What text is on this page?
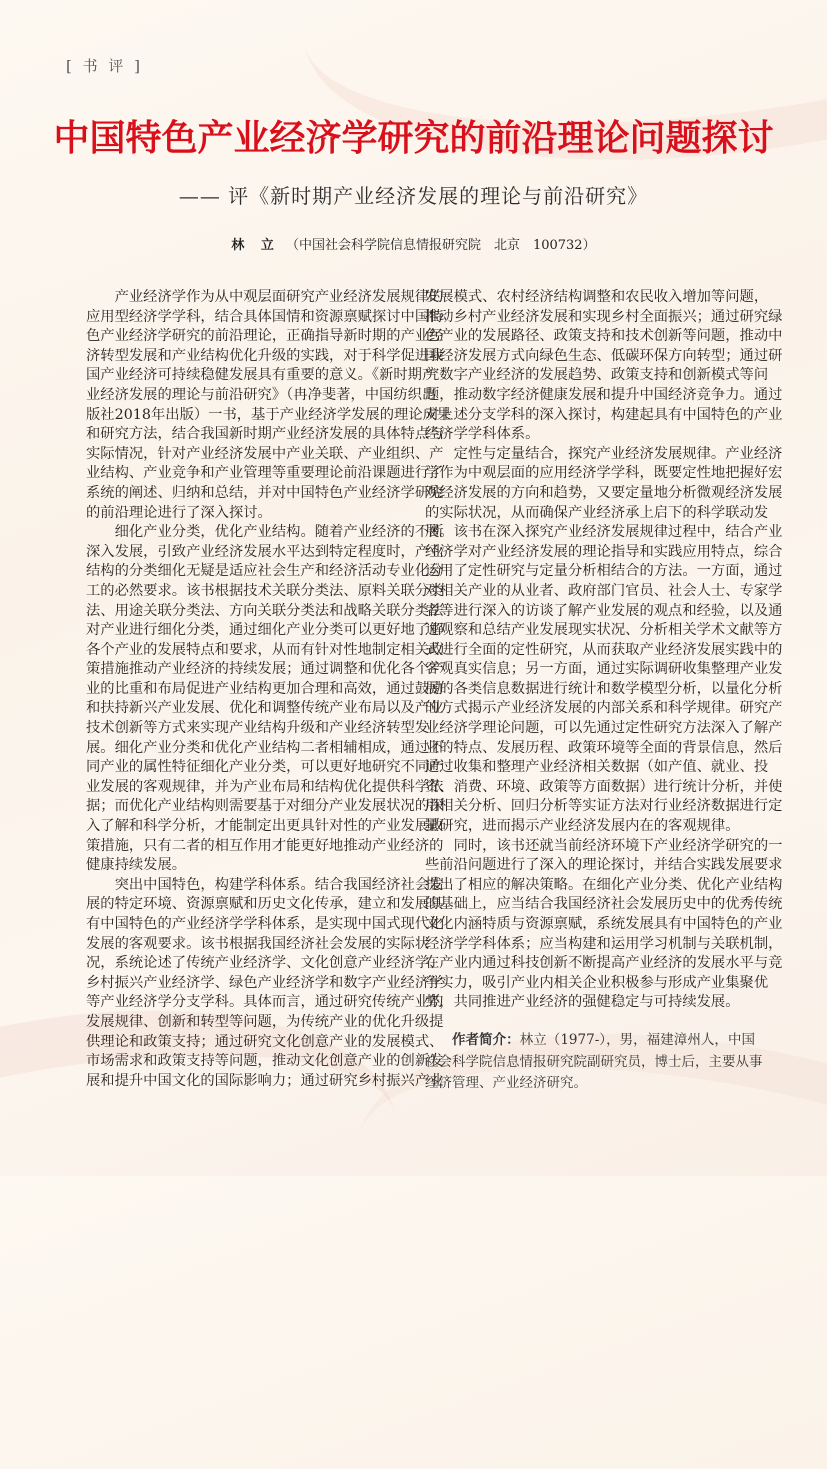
[ 书 评 ]
中国特色产业经济学研究的前沿理论问题探讨
—— 评《新时期产业经济发展的理论与前沿研究》
林 立 （中国社会科学院信息情报研究院　北京　100732）
产业经济学作为从中观层面研究产业经济发展规律的
应用型经济学学科，结合具体国情和资源禀赋探讨中国特
色产业经济学研究的前沿理论，正确指导新时期的产业经
济转型发展和产业结构优化升级的实践，对于科学促进我
国产业经济可持续稳健发展具有重要的意义。《新时期产
业经济发展的理论与前沿研究》（冉净斐著，中国纺织出
版社2018年出版）一书，基于产业经济学发展的理论成果
和研究方法，结合我国新时期产业经济发展的具体特点与
实际情况，针对产业经济发展中产业关联、产业组织、产
业结构、产业竞争和产业管理等重要理论前沿课题进行了
系统的阐述、归纳和总结，并对中国特色产业经济学研究
的前沿理论进行了深入探讨。
细化产业分类，优化产业结构。随着产业经济的不断
深入发展，引致产业经济发展水平达到特定程度时，产业
结构的分类细化无疑是适应社会生产和经济活动专业化分
工的必然要求。该书根据技术关联分类法、原料关联分类
法、用途关联分类法、方向关联分类法和战略关联分类法
对产业进行细化分类，通过细化产业分类可以更好地了解
各个产业的发展特点和要求，从而有针对性地制定相关政
策措施推动产业经济的持续发展；通过调整和优化各个产
业的比重和布局促进产业结构更加合理和高效，通过鼓励
和扶持新兴产业发展、优化和调整传统产业布局以及产业
技术创新等方式来实现产业结构升级和产业经济转型发
展。细化产业分类和优化产业结构二者相辅相成，通过不
同产业的属性特征细化产业分类，可以更好地研究不同产
业发展的客观规律，并为产业布局和结构优化提供科学依
据；而优化产业结构则需要基于对细分产业发展状况的深
入了解和科学分析，才能制定出更具针对性的产业发展政
策措施，只有二者的相互作用才能更好地推动产业经济的
健康持续发展。
突出中国特色，构建学科体系。结合我国经济社会发
展的特定环境、资源禀赋和历史文化传承，建立和发展具
有中国特色的产业经济学学科体系，是实现中国式现代化
发展的客观要求。该书根据我国经济社会发展的实际状
况，系统论述了传统产业经济学、文化创意产业经济学、
乡村振兴产业经济学、绿色产业经济学和数字产业经济学
等产业经济学分支学科。具体而言，通过研究传统产业的
发展规律、创新和转型等问题，为传统产业的优化升级提
供理论和政策支持；通过研究文化创意产业的发展模式、
市场需求和政策支持等问题，推动文化创意产业的创新发
展和提升中国文化的国际影响力；通过研究乡村振兴产业
发展模式、农村经济结构调整和农民收入增加等问题，
推动乡村产业经济发展和实现乡村全面振兴；通过研究绿
色产业的发展路径、政策支持和技术创新等问题，推动中
国经济发展方式向绿色生态、低碳环保方向转型；通过研
究数字产业经济的发展趋势、政策支持和创新模式等问
题，推动数字经济健康发展和提升中国经济竞争力。通过
对上述分支学科的深入探讨，构建起具有中国特色的产业
经济学学科体系。
定性与定量结合，探究产业经济发展规律。产业经济
学作为中观层面的应用经济学学科，既要定性地把握好宏
观经济发展的方向和趋势，又要定量地分析微观经济发展
的实际状况，从而确保产业经济承上启下的科学联动发
展。该书在深入探究产业经济发展规律过程中，结合产业
经济学对产业经济发展的理论指导和实践应用特点，综合
运用了定性研究与定量分析相结合的方法。一方面，通过
对相关产业的从业者、政府部门官员、社会人士、专家学
者等进行深入的访谈了解产业发展的观点和经验，以及通
过观察和总结产业发展现实状况、分析相关学术文献等方
式进行全面的定性研究，从而获取产业经济发展实践中的
客观真实信息；另一方面，通过实际调研收集整理产业发
展的各类信息数据进行统计和数学模型分析，以量化分析
的方式揭示产业经济发展的内部关系和科学规律。研究产
业经济学理论问题，可以先通过定性研究方法深入了解产
业的特点、发展历程、政策环境等全面的背景信息，然后
通过收集和整理产业经济相关数据（如产值、就业、投
资、消费、环境、政策等方面数据）进行统计分析，并使
用相关分析、回归分析等实证方法对行业经济数据进行定
量研究，进而揭示产业经济发展内在的客观规律。
同时，该书还就当前经济环境下产业经济学研究的一
些前沿问题进行了深入的理论探讨，并结合实践发展要求
提出了相应的解决策略。在细化产业分类、优化产业结构
的基础上，应当结合我国经济社会发展历史中的优秀传统
文化内涵特质与资源禀赋，系统发展具有中国特色的产业
经济学学科体系；应当构建和运用学习机制与关联机制，
在产业内通过科技创新不断提高产业经济的发展水平与竞
争实力，吸引产业内相关企业积极参与形成产业集聚优
势，共同推进产业经济的强健稳定与可持续发展。
作者简介：林立（1977-），男，福建漳州人，中国
社会科学院信息情报研究院副研究员，博士后，主要从事
经济管理、产业经济研究。
